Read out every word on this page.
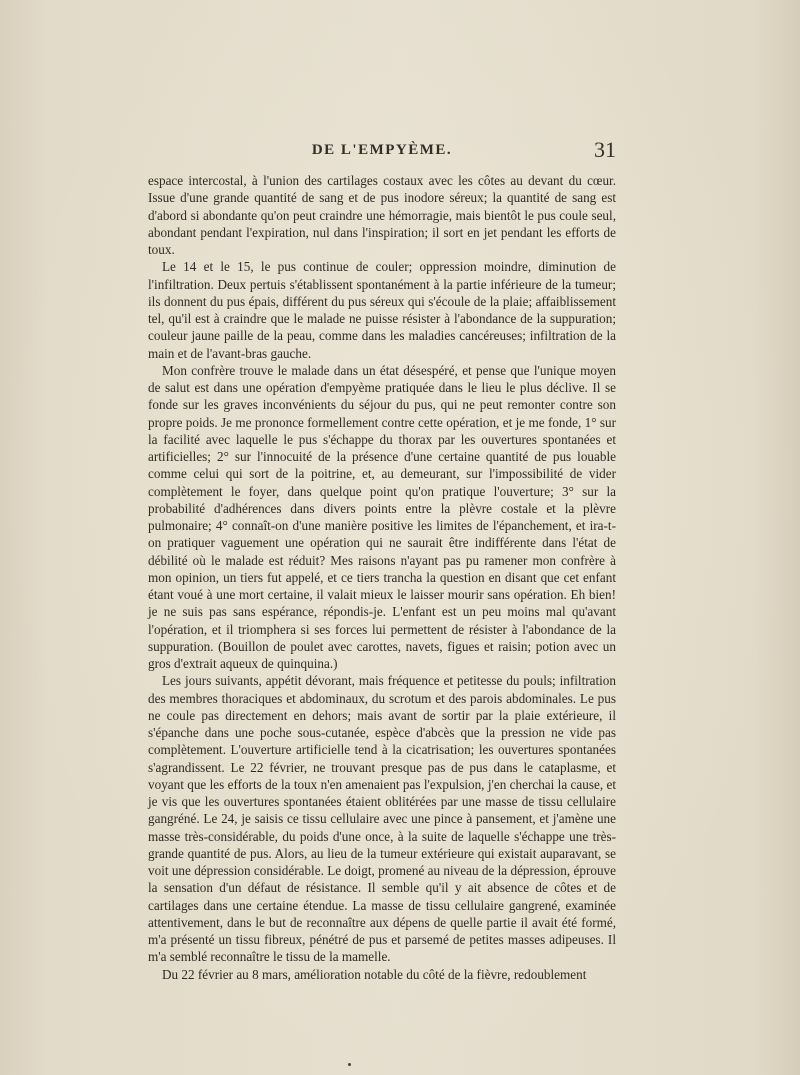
DE L'EMPYÈME.	31

espace intercostal, à l'union des cartilages costaux avec les côtes au devant du cœur. Issue d'une grande quantité de sang et de pus inodore séreux; la quantité de sang est d'abord si abondante qu'on peut craindre une hémorragie, mais bientôt le pus coule seul, abondant pendant l'expiration, nul dans l'inspiration; il sort en jet pendant les efforts de toux.

Le 14 et le 15, le pus continue de couler; oppression moindre, diminution de l'infiltration. Deux pertuis s'établissent spontanément à la partie inférieure de la tumeur; ils donnent du pus épais, différent du pus séreux qui s'écoule de la plaie; affaiblissement tel, qu'il est à craindre que le malade ne puisse résister à l'abondance de la suppuration; couleur jaune paille de la peau, comme dans les maladies cancéreuses; infiltration de la main et de l'avant-bras gauche.

Mon confrère trouve le malade dans un état désespéré, et pense que l'unique moyen de salut est dans une opération d'empyème pratiquée dans le lieu le plus déclive. Il se fonde sur les graves inconvénients du séjour du pus, qui ne peut remonter contre son propre poids. Je me prononce formellement contre cette opération, et je me fonde, 1° sur la facilité avec laquelle le pus s'échappe du thorax par les ouvertures spontanées et artificielles; 2° sur l'innocuité de la présence d'une certaine quantité de pus louable comme celui qui sort de la poitrine, et, au demeurant, sur l'impossibilité de vider complètement le foyer, dans quelque point qu'on pratique l'ouverture; 3° sur la probabilité d'adhérences dans divers points entre la plèvre costale et la plèvre pulmonaire; 4° connaît-on d'une manière positive les limites de l'épanchement, et ira-t-on pratiquer vaguement une opération qui ne saurait être indifférente dans l'état de débilité où le malade est réduit? Mes raisons n'ayant pas pu ramener mon confrère à mon opinion, un tiers fut appelé, et ce tiers trancha la question en disant que cet enfant étant voué à une mort certaine, il valait mieux le laisser mourir sans opération. Eh bien! je ne suis pas sans espérance, répondis-je. L'enfant est un peu moins mal qu'avant l'opération, et il triomphera si ses forces lui permettent de résister à l'abondance de la suppuration. (Bouillon de poulet avec carottes, navets, figues et raisin; potion avec un gros d'extrait aqueux de quinquina.)

Les jours suivants, appétit dévorant, mais fréquence et petitesse du pouls; infiltration des membres thoraciques et abdominaux, du scrotum et des parois abdominales. Le pus ne coule pas directement en dehors; mais avant de sortir par la plaie extérieure, il s'épanche dans une poche sous-cutanée, espèce d'abcès que la pression ne vide pas complètement. L'ouverture artificielle tend à la cicatrisation; les ouvertures spontanées s'agrandissent. Le 22 février, ne trouvant presque pas de pus dans le cataplasme, et voyant que les efforts de la toux n'en amenaient pas l'expulsion, j'en cherchai la cause, et je vis que les ouvertures spontanées étaient oblitérées par une masse de tissu cellulaire gangréné. Le 24, je saisis ce tissu cellulaire avec une pince à pansement, et j'amène une masse très-considérable, du poids d'une once, à la suite de laquelle s'échappe une très-grande quantité de pus. Alors, au lieu de la tumeur extérieure qui existait auparavant, se voit une dépression considérable. Le doigt, promené au niveau de la dépression, éprouve la sensation d'un défaut de résistance. Il semble qu'il y ait absence de côtes et de cartilages dans une certaine étendue. La masse de tissu cellulaire gangrené, examinée attentivement, dans le but de reconnaître aux dépens de quelle partie il avait été formé, m'a présenté un tissu fibreux, pénétré de pus et parsemé de petites masses adipeuses. Il m'a semblé reconnaître le tissu de la mamelle.

Du 22 février au 8 mars, amélioration notable du côté de la fièvre, redoublement
